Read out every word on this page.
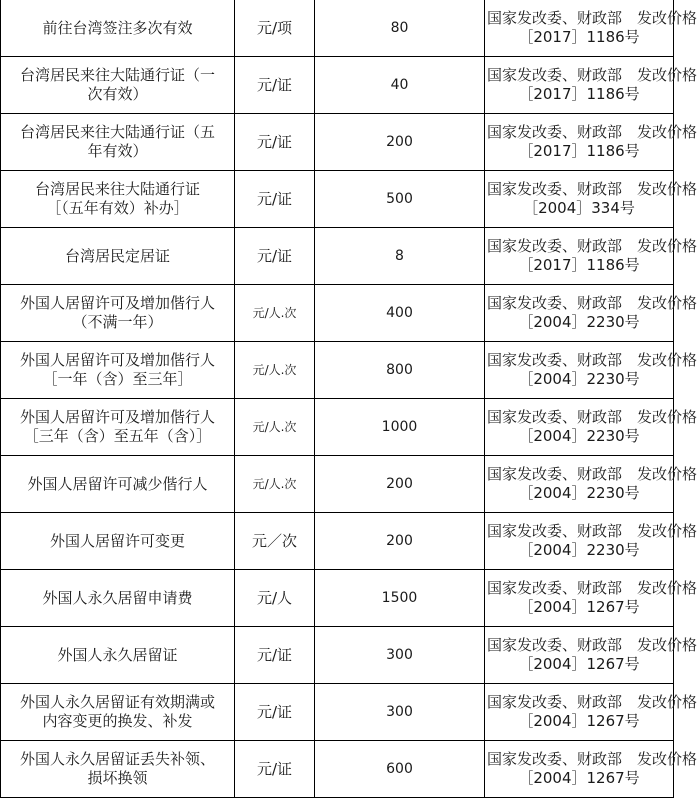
前往台湾签注多次有效	元/项	80	国家发改委、财政部　发改价格
［2017］1186号

台湾居民来往大陆通行证（一
次有效）	元/证	40	国家发改委、财政部　发改价格
［2017］1186号

台湾居民来往大陆通行证（五
年有效）	元/证	200	国家发改委、财政部　发改价格
［2017］1186号

台湾居民来往大陆通行证
［（五年有效）补办］	元/证	500	国家发改委、财政部　发改价格
［2004］334号

台湾居民定居证	元/证	8	国家发改委、财政部　发改价格
［2017］1186号

外国人居留许可及增加偕行人
（不满一年）	元/人.次	400	国家发改委、财政部　发改价格
［2004］2230号

外国人居留许可及增加偕行人
［一年（含）至三年］	元/人.次	800	国家发改委、财政部　发改价格
［2004］2230号

外国人居留许可及增加偕行人
［三年（含）至五年（含）］	元/人.次	1000	国家发改委、财政部　发改价格
［2004］2230号

外国人居留许可减少偕行人	元/人.次	200	国家发改委、财政部　发改价格
［2004］2230号

外国人居留许可变更	元／次	200	国家发改委、财政部　发改价格
［2004］2230号

外国人永久居留申请费	元/人	1500	国家发改委、财政部　发改价格
［2004］1267号

外国人永久居留证	元/证	300	国家发改委、财政部　发改价格
［2004］1267号

外国人永久居留证有效期满或
内容变更的换发、补发	元/证	300	国家发改委、财政部　发改价格
［2004］1267号

外国人永久居留证丢失补领、
损坏换领	元/证	600	国家发改委、财政部　发改价格
［2004］1267号
